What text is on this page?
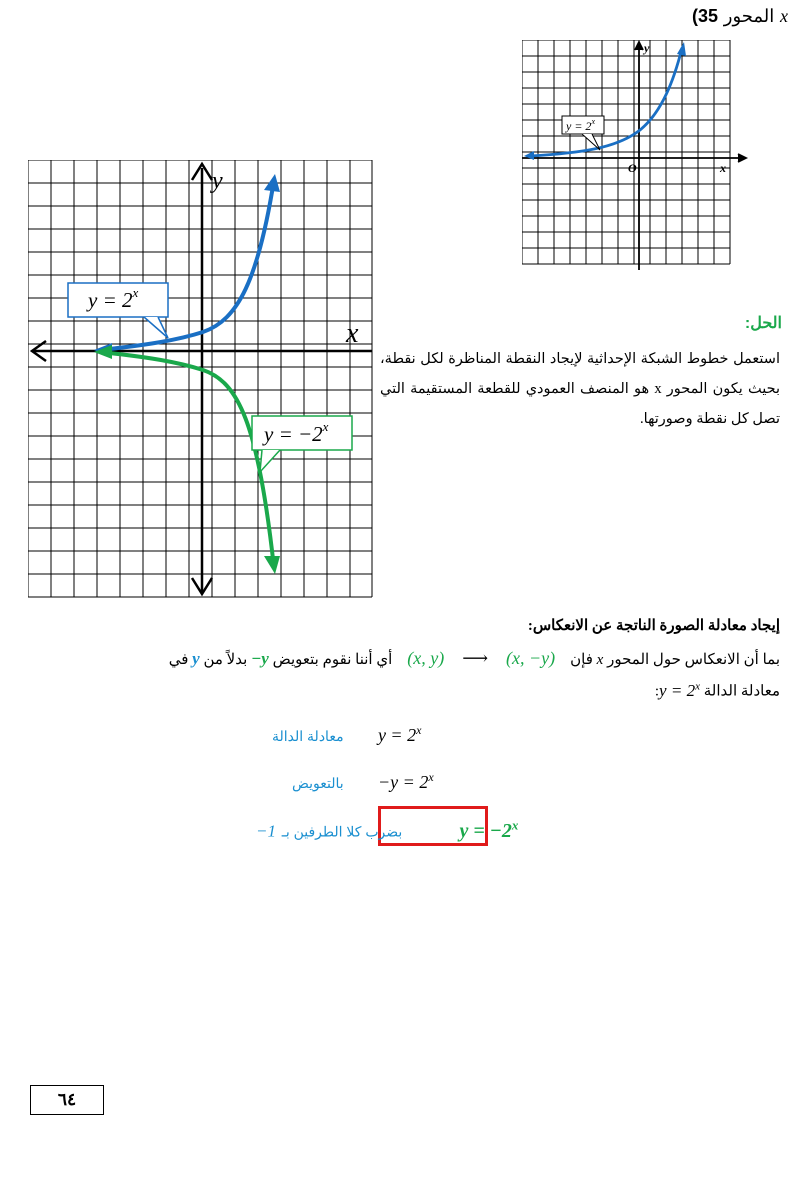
x المحور 35)
$y = 2^x$
y
x
O
$y = 2^x$
$y = -2^x$
x
y
الحل:
استعمل خطوط الشبكة الإحداثية لإيجاد النقطة المناظرة لكل نقطة، بحيث يكون المحور x هو المنصف العمودي للقطعة المستقيمة التي تصل كل نقطة وصورتها.
إيجاد معادلة الصورة الناتجة عن الانعكاس:
بما أن الانعكاس حول المحور x فإن    (x, y) ⟶ (x, −y)    أي أننا نقوم بتعويض −y بدلاً من y في
معادلة الدالة $y = 2^x$:
معادلة الدالة $y = 2^x$
بالتعويض $-y = 2^x$
−1 بضرب كلا الطرفين بـ	$y = -2^x$
٦٤
